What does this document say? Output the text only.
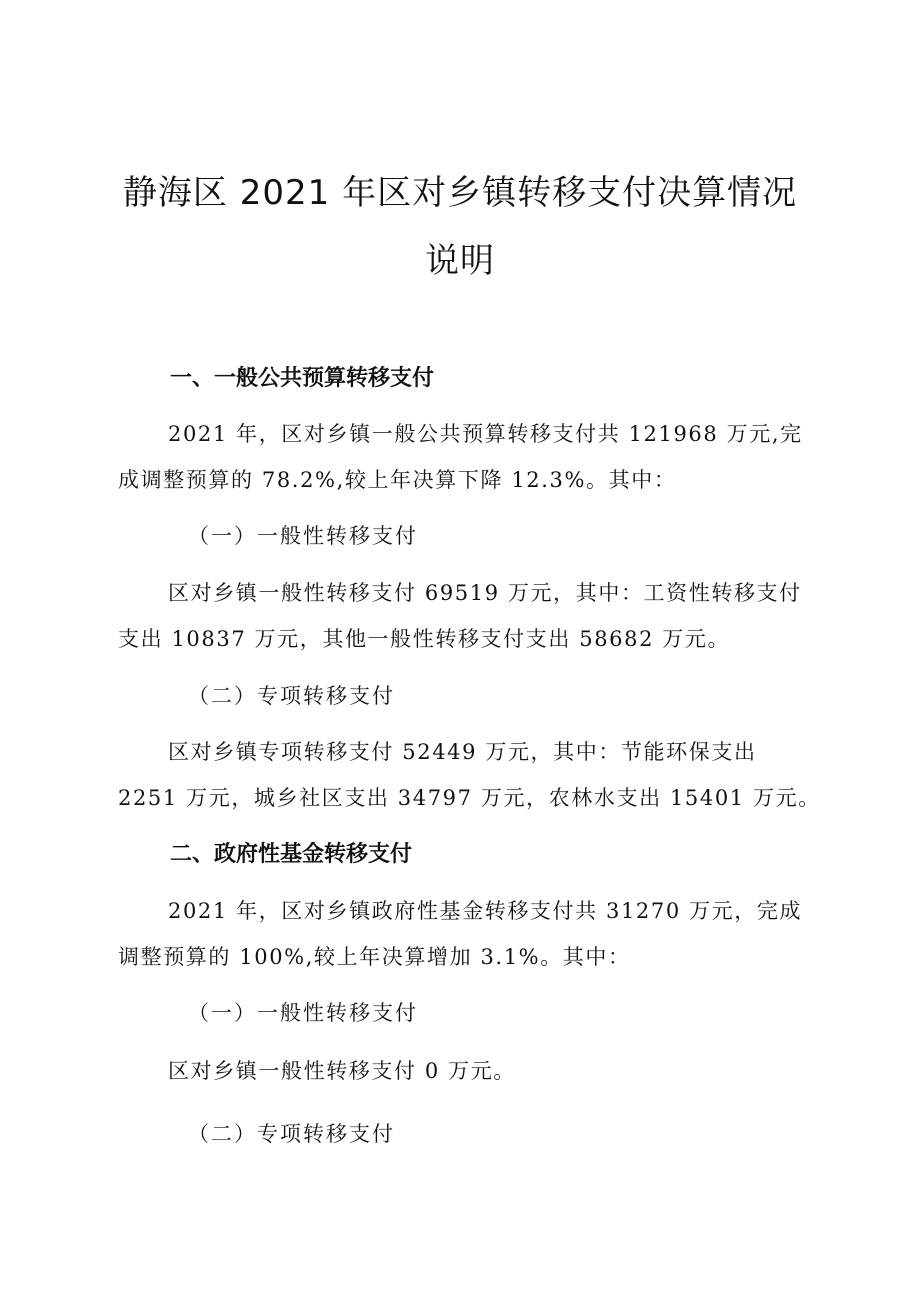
静海区 2021 年区对乡镇转移支付决算情况
说明
一、一般公共预算转移支付
2021 年，区对乡镇一般公共预算转移支付共 121968 万元,完
成调整预算的 78.2%,较上年决算下降 12.3%。其中：
（一）一般性转移支付
区对乡镇一般性转移支付 69519 万元，其中：工资性转移支付
支出 10837 万元，其他一般性转移支付支出 58682 万元。
（二）专项转移支付
区对乡镇专项转移支付 52449 万元，其中：节能环保支出
2251 万元，城乡社区支出 34797 万元，农林水支出 15401 万元。
二、政府性基金转移支付
2021 年，区对乡镇政府性基金转移支付共 31270 万元，完成
调整预算的 100%,较上年决算增加 3.1%。其中：
（一）一般性转移支付
区对乡镇一般性转移支付 0 万元。
（二）专项转移支付
